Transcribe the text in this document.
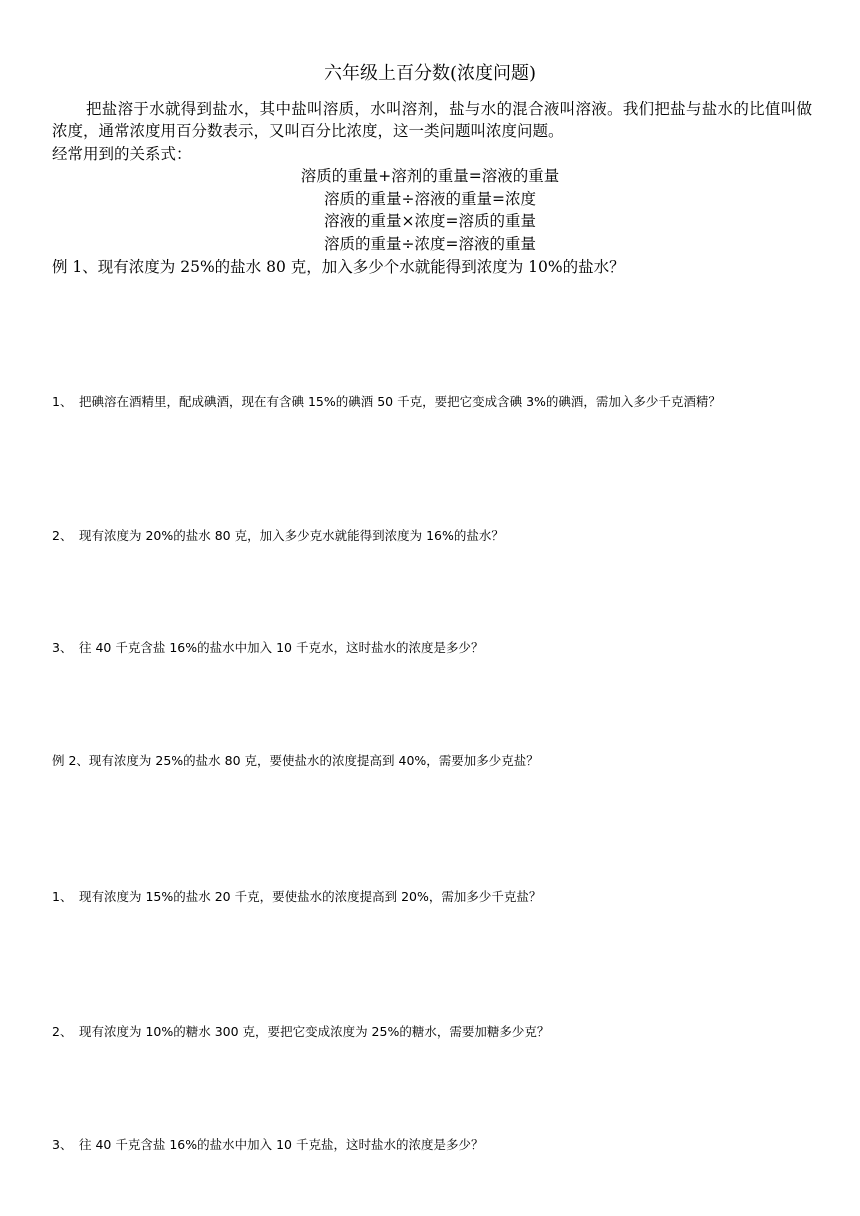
六年级上百分数(浓度问题)
把盐溶于水就得到盐水，其中盐叫溶质，水叫溶剂，盐与水的混合液叫溶液。我们把盐与盐水的比值叫做浓度，通常浓度用百分数表示，又叫百分比浓度，这一类问题叫浓度问题。
经常用到的关系式：
溶质的重量+溶剂的重量=溶液的重量
溶质的重量÷溶液的重量=浓度
溶液的重量×浓度=溶质的重量
溶质的重量÷浓度=溶液的重量
例 1、现有浓度为 25%的盐水 80 克，加入多少个水就能得到浓度为 10%的盐水？
1、 把碘溶在酒精里，配成碘酒，现在有含碘 15%的碘酒 50 千克，要把它变成含碘 3%的碘酒，需加入多少千克酒精？
2、 现有浓度为 20%的盐水 80 克，加入多少克水就能得到浓度为 16%的盐水？
3、 往 40 千克含盐 16%的盐水中加入 10 千克水，这时盐水的浓度是多少？
例 2、现有浓度为 25%的盐水 80 克，要使盐水的浓度提高到 40%，需要加多少克盐？
1、 现有浓度为 15%的盐水 20 千克，要使盐水的浓度提高到 20%，需加多少千克盐？
2、 现有浓度为 10%的糖水 300 克，要把它变成浓度为 25%的糖水，需要加糖多少克？
3、 往 40 千克含盐 16%的盐水中加入 10 千克盐，这时盐水的浓度是多少？
